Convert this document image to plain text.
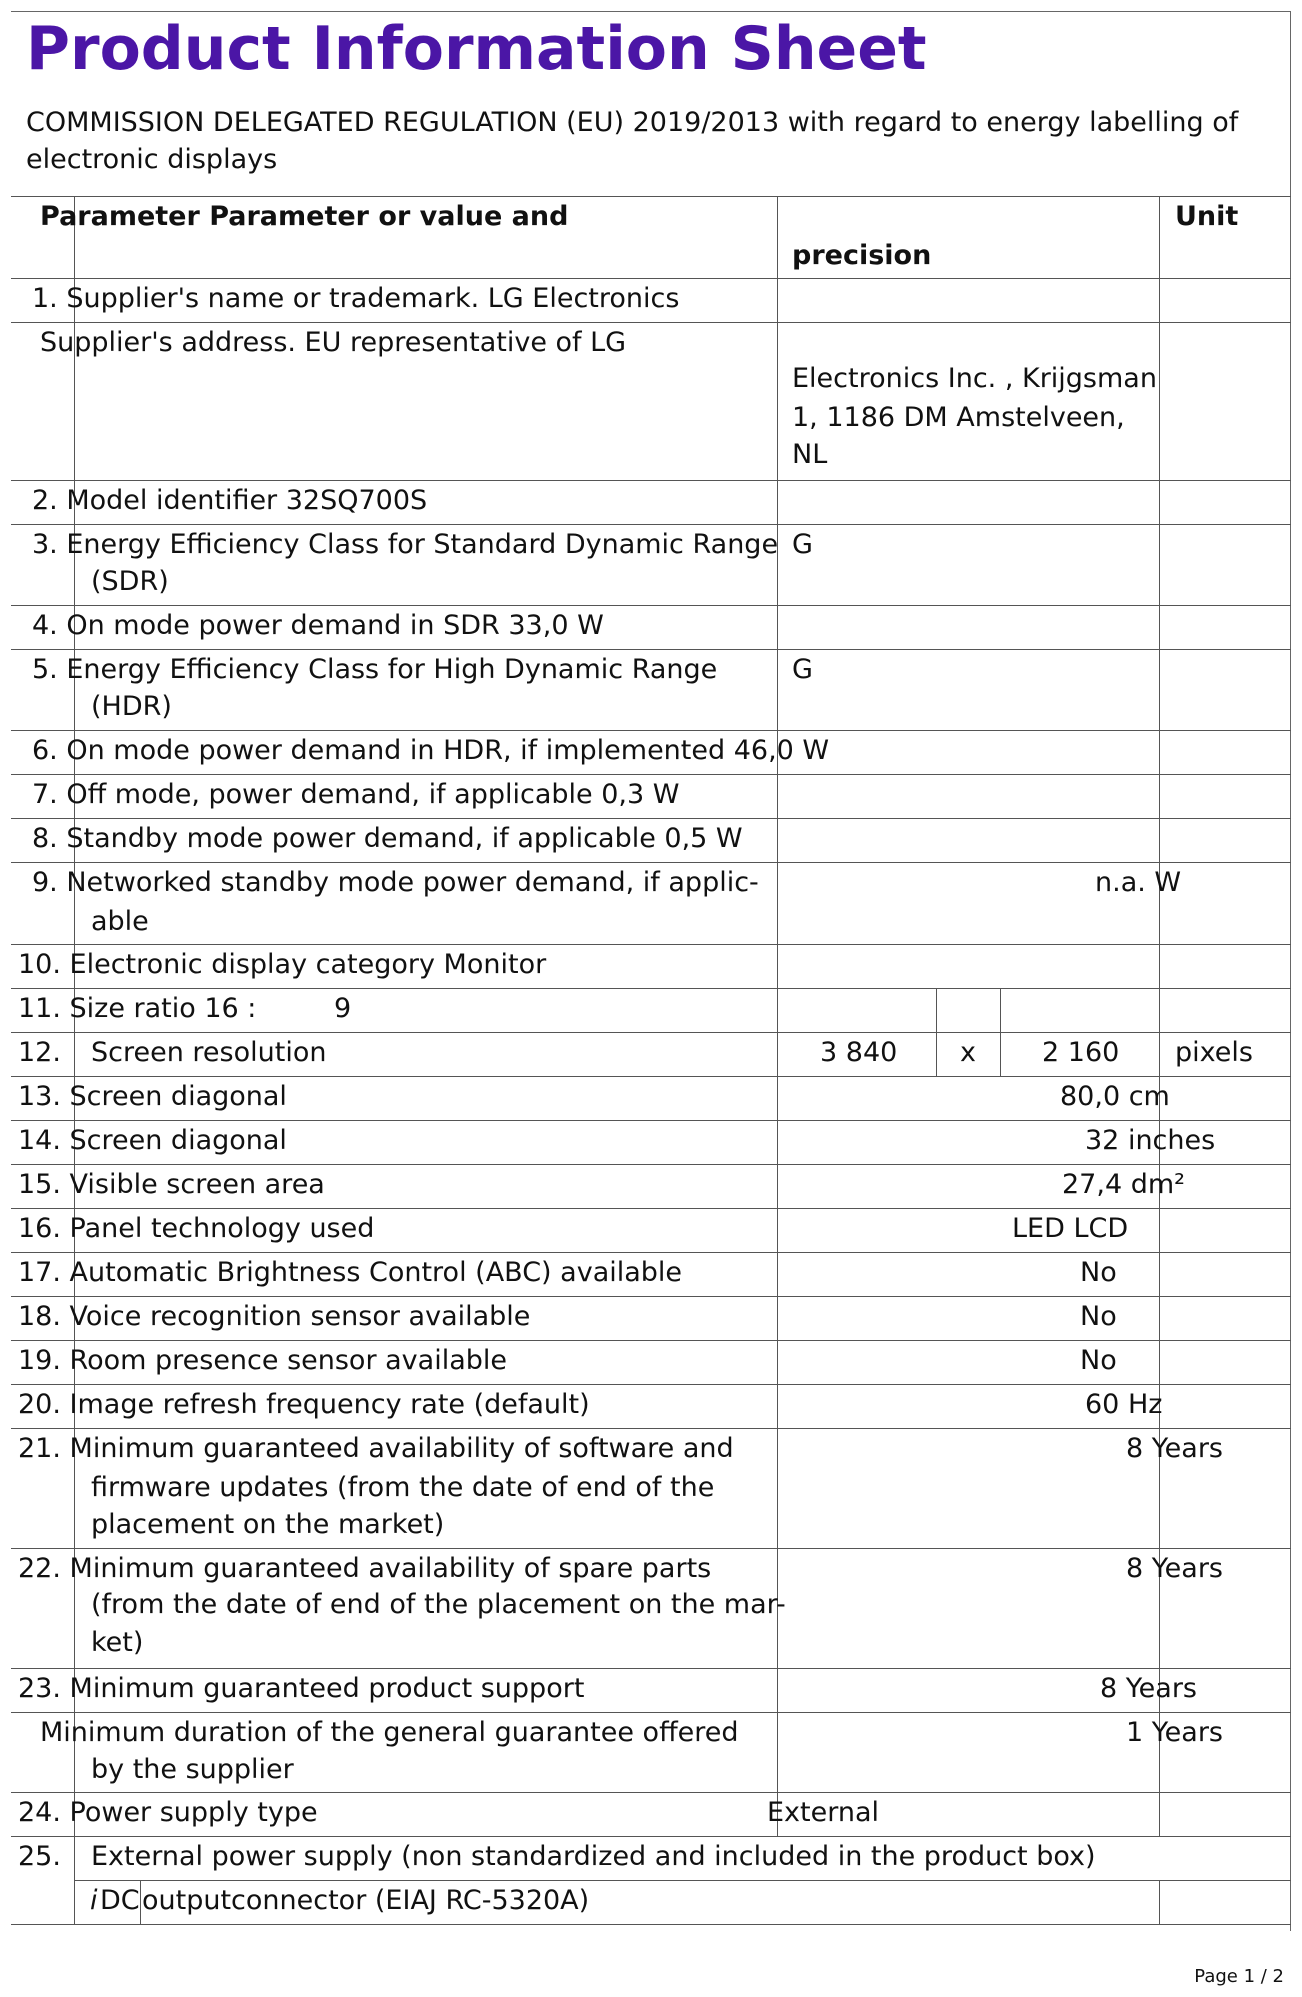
Product Information Sheet
COMMISSION DELEGATED REGULATION (EU) 2019/2013 with regard to energy labelling of electronic displays
Parameter Parameter or value and
precision
Unit
1. Supplier's name or trademark. LG Electronics
Supplier's address. EU representative of LG
Electronics Inc. , Krijgsman
1, 1186 DM Amstelveen,
NL
2. Model identifier 32SQ700S
3. Energy Efficiency Class for Standard Dynamic Range
(SDR)
G
4. On mode power demand in SDR 33,0 W
5. Energy Efficiency Class for High Dynamic Range
(HDR)
G
6. On mode power demand in HDR, if implemented 46,0 W
7. Off mode, power demand, if applicable 0,3 W
8. Standby mode power demand, if applicable 0,5 W
9. Networked standby mode power demand, if applic-
able
n.a. W
10. Electronic display category Monitor
11. Size ratio 16 :	9
12. Screen resolution	3 840 x 2 160 pixels
13. Screen diagonal	80,0 cm
14. Screen diagonal	32 inches
15. Visible screen area	27,4 dm²
16. Panel technology used	LED LCD
17. Automatic Brightness Control (ABC) available	No
18. Voice recognition sensor available	No
19. Room presence sensor available	No
20. Image refresh frequency rate (default)	60 Hz
21. Minimum guaranteed availability of software and
firmware updates (from the date of end of the
placement on the market)
8 Years
22. Minimum guaranteed availability of spare parts
(from the date of end of the placement on the mar-
ket)
8 Years
23. Minimum guaranteed product support	8 Years
Minimum duration of the general guarantee offered
by the supplier
1 Years
24. Power supply type	External
25. External power supply (non standardized and included in the product box)
i DC outputconnector (EIAJ RC-5320A)
Page 1 / 2
